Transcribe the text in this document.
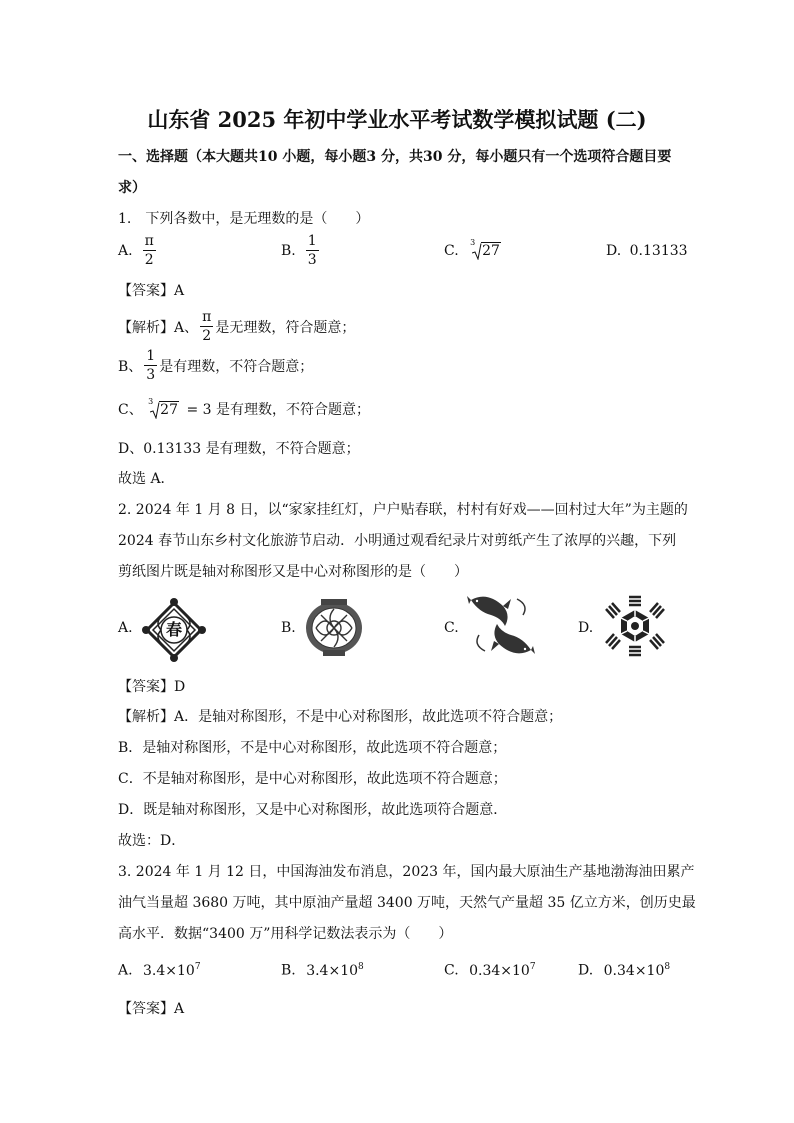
山东省 2025 年初中学业水平考试数学模拟试题 (二)
一、选择题（本大题共10 小题，每小题3 分，共30 分，每小题只有一个选项符合题目要
求）
1.　下列各数中，是无理数的是（　　）
A. $\frac{\pi}{2}$	B. $\frac{1}{3}$	C.
3
27	D. 0.13133
【答案】A
【解析】A、 $\frac{\pi}{2}$ 是无理数，符合题意；
B、 $\frac{1}{3}$ 是有理数，不符合题意；
C、
3
27 = 3 是有理数，不符合题意；
D、0.13133 是有理数，不符合题意；
故选 A．
2. 2024 年 1 月 8 日，以“家家挂红灯，户户贴春联，村村有好戏——回村过大年”为主题的
2024 春节山东乡村文化旅游节启动．小明通过观看纪录片对剪纸产生了浓厚的兴趣，下列
剪纸图片既是轴对称图形又是中心对称图形的是（　　）
A.	B.	C.	D.
春
【答案】D
【解析】A．是轴对称图形，不是中心对称图形，故此选项不符合题意；
B．是轴对称图形，不是中心对称图形，故此选项不符合题意；
C．不是轴对称图形，是中心对称图形，故此选项不符合题意；
D．既是轴对称图形，又是中心对称图形，故此选项符合题意．
故选：D．
3. 2024 年 1 月 12 日，中国海油发布消息，2023 年，国内最大原油生产基地渤海油田累产
油气当量超 3680 万吨，其中原油产量超 3400 万吨，天然气产量超 35 亿立方米，创历史最
高水平．数据“3400 万”用科学记数法表示为（　　）
A. $3.4\times 10^7$	B. $3.4\times 10^8$	C. $0.34\times 10^7$	D. $0.34\times 10^8$
【答案】A
